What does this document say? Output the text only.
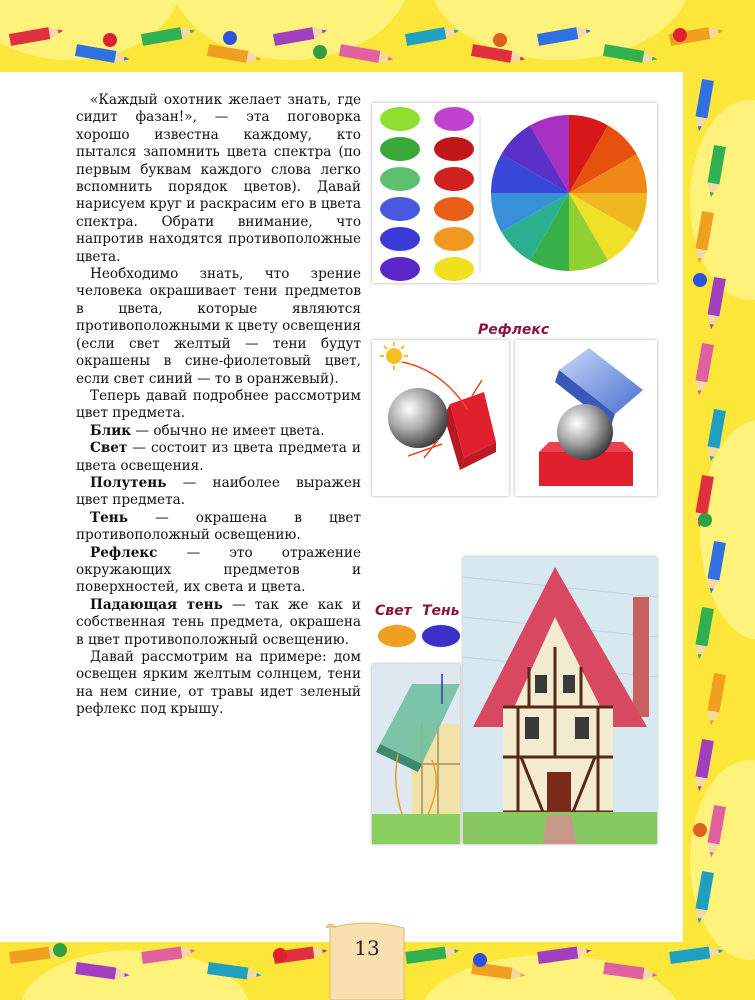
«Каждый охотник желает знать, где сидит фазан!», — эта поговорка хорошо известна каждому, кто пытался запомнить цвета спектра (по первым буквам каждого слова легко вспомнить порядок цветов). Давай нарисуем круг и раскрасим его в цвета спектра. Обрати внимание, что напротив находятся противоположные цвета.

Необходимо знать, что зрение человека окрашивает тени предметов в цвета, которые являются противоположными к цвету освещения (если свет желтый — тени будут окрашены в сине-фиолетовый цвет, если свет синий — то в оранжевый).

Теперь давай подробнее рассмотрим цвет предмета.

Блик — обычно не имеет цвета.

Свет — состоит из цвета предмета и цвета освещения.

Полутень — наиболее выражен цвет предмета.

Тень — окрашена в цвет противоположный освещению.

Рефлекс — это отражение окружающих предметов и поверхностей, их света и цвета.

Падающая тень — так же как и собственная тень предмета, окрашена в цвет противоположный освещению.

Давай рассмотрим на примере: дом освещен ярким желтым солнцем, тени на нем синие, от травы идет зеленый рефлекс под крышу.

Рефлекс
Свет Тень
13
